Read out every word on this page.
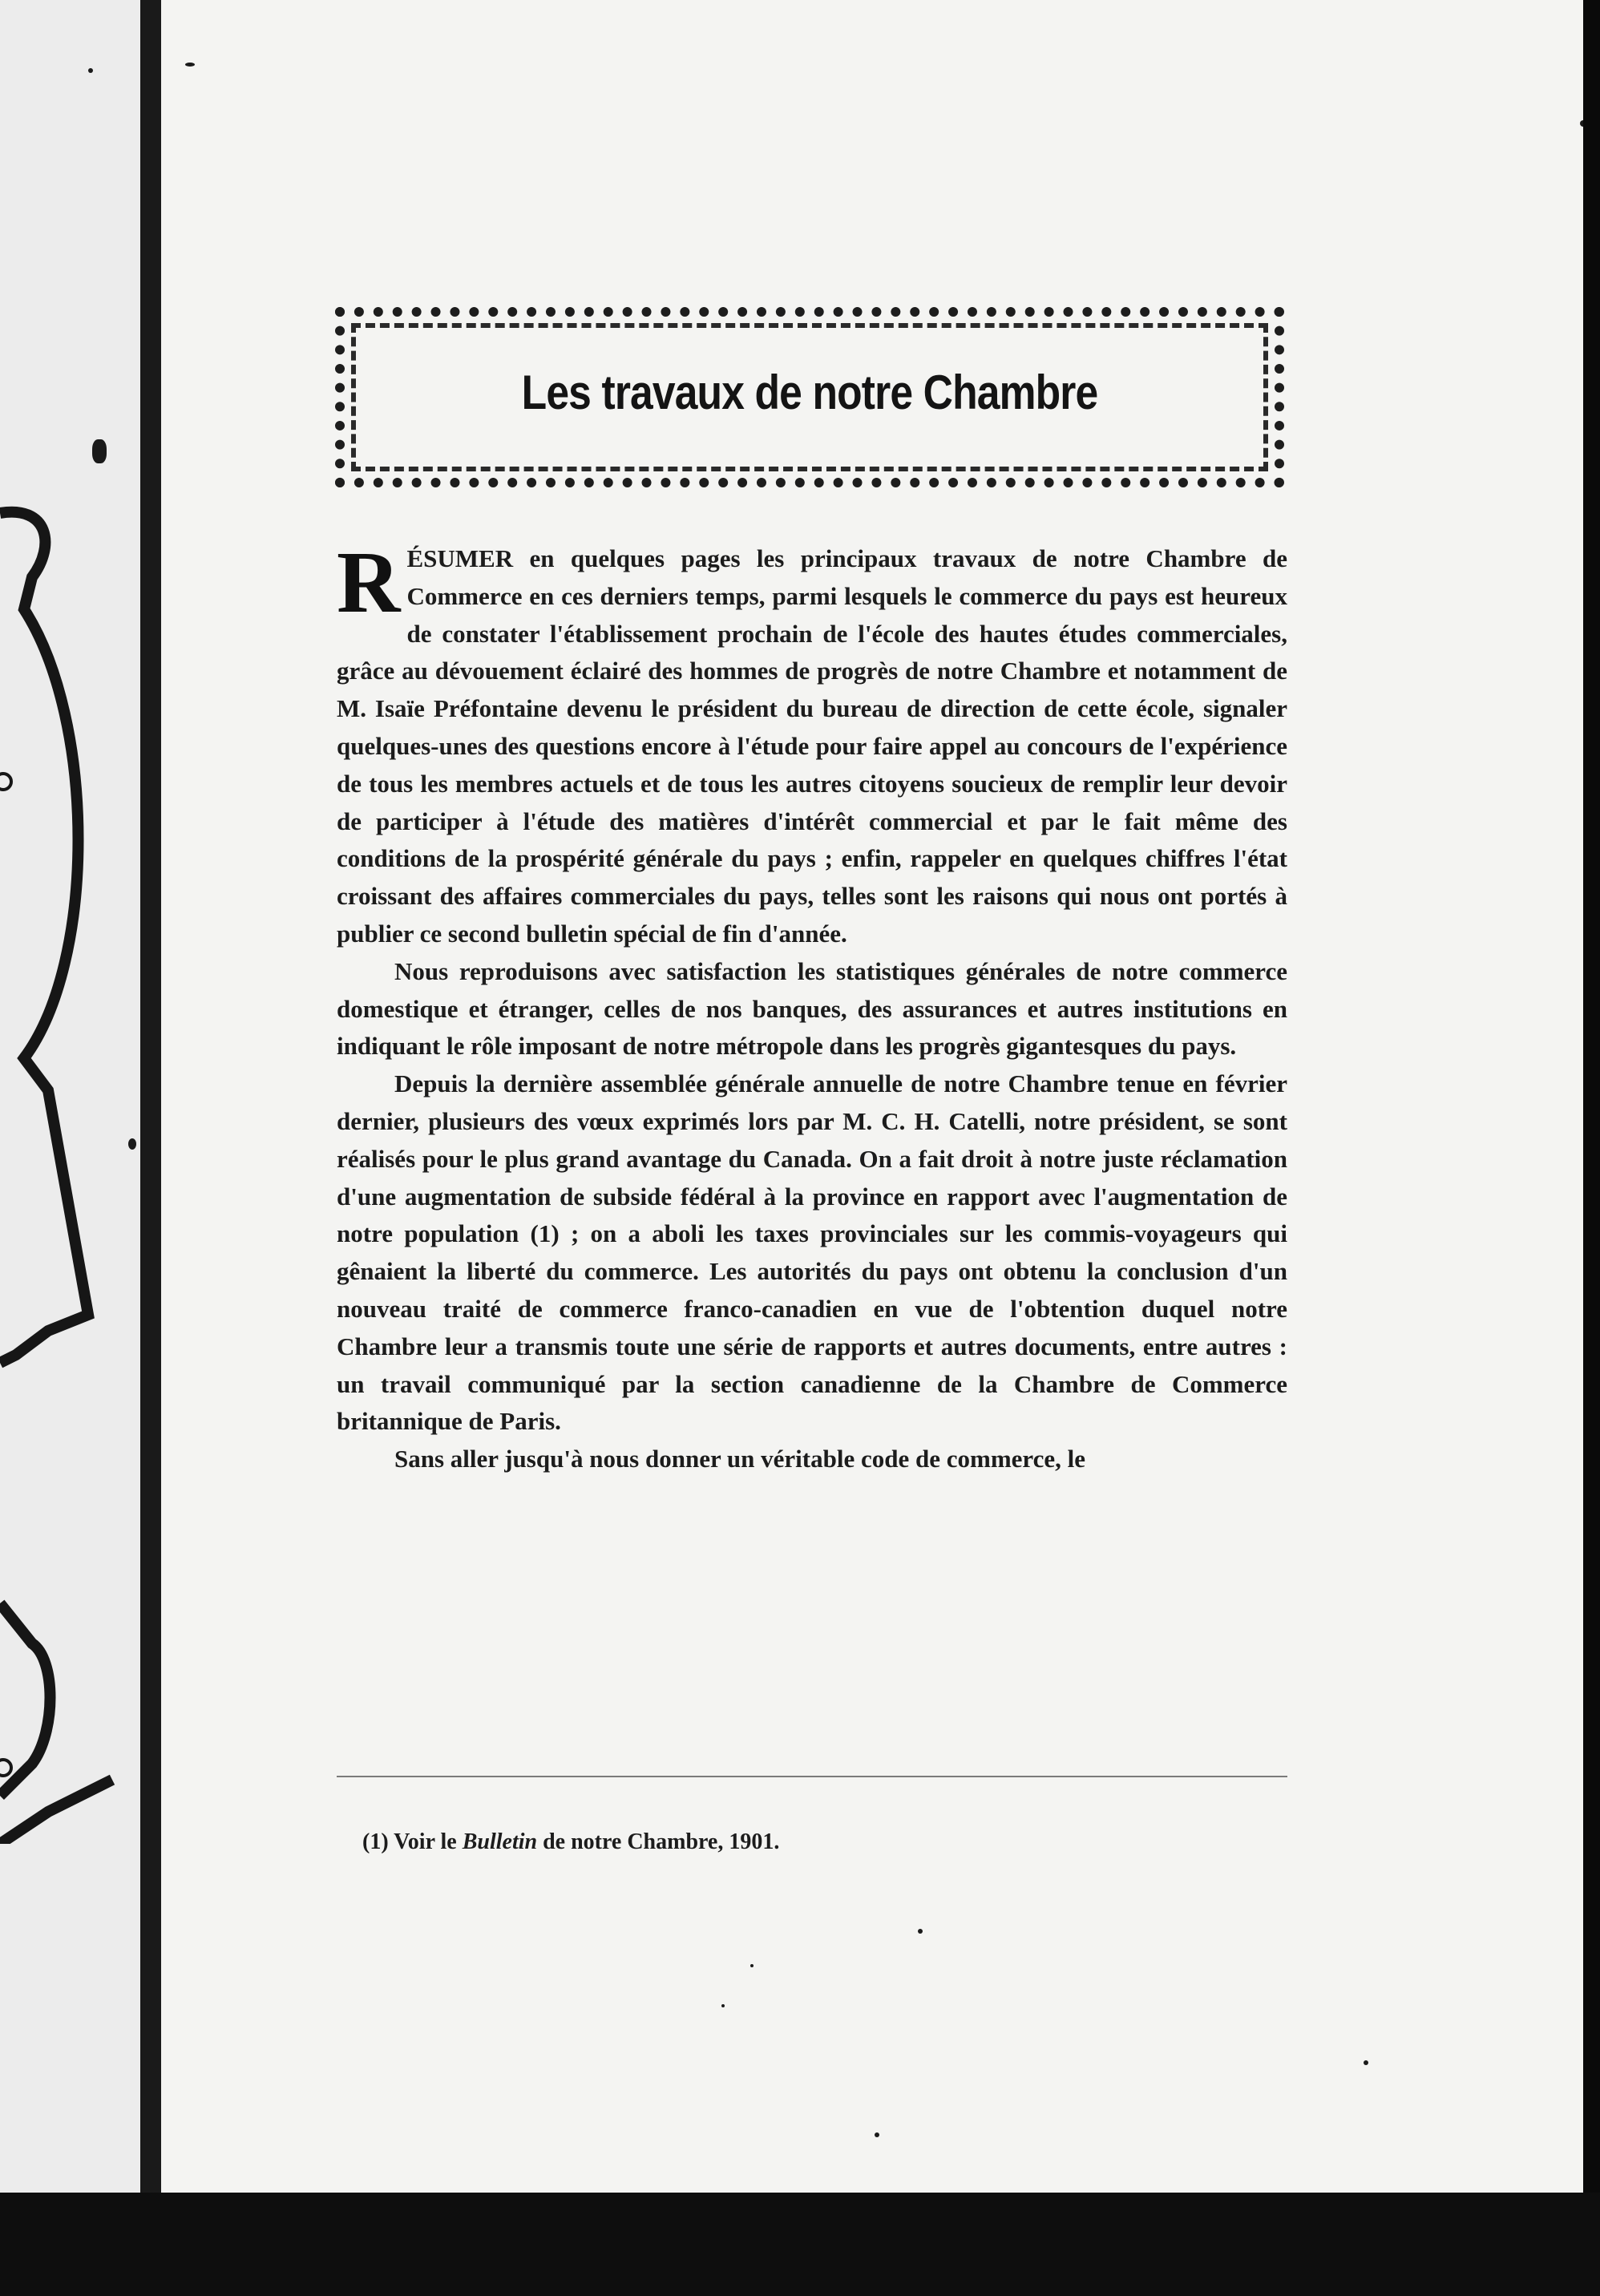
Les travaux de notre Chambre

RÉSUMER en quelques pages les principaux travaux de notre Chambre de Commerce en ces derniers temps, parmi lesquels le commerce du pays est heureux de constater l'établissement prochain de l'école des hautes études commerciales, grâce au dévouement éclairé des hommes de progrès de notre Chambre et notamment de M. Isaïe Préfontaine devenu le président du bureau de direction de cette école, signaler quelques-unes des questions encore à l'étude pour faire appel au concours de l'expérience de tous les membres actuels et de tous les autres citoyens soucieux de remplir leur devoir de participer à l'étude des matières d'intérêt commercial et par le fait même des conditions de la prospérité générale du pays ; enfin, rappeler en quelques chiffres l'état croissant des affaires commerciales du pays, telles sont les raisons qui nous ont portés à publier ce second bulletin spécial de fin d'année.

Nous reproduisons avec satisfaction les statistiques générales de notre commerce domestique et étranger, celles de nos banques, des assurances et autres institutions en indiquant le rôle imposant de notre métropole dans les progrès gigantesques du pays.

Depuis la dernière assemblée générale annuelle de notre Chambre tenue en février dernier, plusieurs des vœux exprimés lors par M. C. H. Catelli, notre président, se sont réalisés pour le plus grand avantage du Canada. On a fait droit à notre juste réclamation d'une augmentation de subside fédéral à la province en rapport avec l'augmentation de notre population (1) ; on a aboli les taxes provinciales sur les commis-voyageurs qui gênaient la liberté du commerce. Les autorités du pays ont obtenu la conclusion d'un nouveau traité de commerce franco-canadien en vue de l'obtention duquel notre Chambre leur a transmis toute une série de rapports et autres documents, entre autres : un travail communiqué par la section canadienne de la Chambre de Commerce britannique de Paris.

Sans aller jusqu'à nous donner un véritable code de commerce, le

(1) Voir le Bulletin de notre Chambre, 1901.
